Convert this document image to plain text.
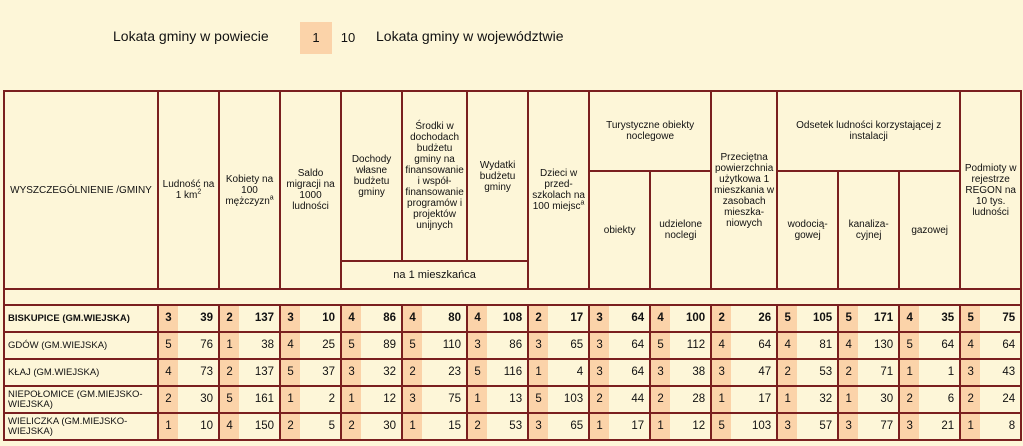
Lokata gminy w powiecie	1	10	Lokata gminy w województwie
WYSZCZEGÓLNIENIE /GMINY	Ludność na 1 $km^2$		Kobiety na 100 mężczyzn$^a$		Saldo migracji na 1000 ludności		Dochody własne budżetu gminy		Środki w dochodach budżetu gminy na finansowanie i współ-finansowanie programów i projektów unijnych		Wydatki budżetu gminy		Dzieci w przed-szkolach na 100 miejsc$^a$		Turystyczne obiekty noclegowe				Przeciętna powierzchnia użytkowa 1 mieszkania w zasobach mieszka-niowych		Odsetek ludności korzystającej z instalacji						Podmioty w rejestrze REGON na 10 tys. ludności	
															obiekty		udzielone noclegi				wodocią-gowej		kanaliza-cyjnej		gazowej			
							na 1 mieszkańca																					

BISKUPICE (GM.WIEJSKA)	3	39	2	137	3	10	4	86	4	80	4	108	2	17	3	64	4	100	2	26	5	105	5	171	4	35	5	75
GDÓW (GM.WIEJSKA)	5	76	1	38	4	25	5	89	5	110	3	86	3	65	3	64	5	112	4	64	4	81	4	130	5	64	4	64
KŁAJ (GM.WIEJSKA)	4	73	2	137	5	37	3	32	2	23	5	116	1	4	3	64	3	38	3	47	2	53	2	71	1	1	3	43
NIEPOŁOMICE (GM.MIEJSKO-WIEJSKA)	2	30	5	161	1	2	1	12	3	75	1	13	5	103	2	44	2	28	1	17	1	32	1	30	2	6	2	24
WIELICZKA (GM.MIEJSKO-WIEJSKA)	1	10	4	150	2	5	2	30	1	15	2	53	3	65	1	17	1	12	5	103	3	57	3	77	3	21	1	8
